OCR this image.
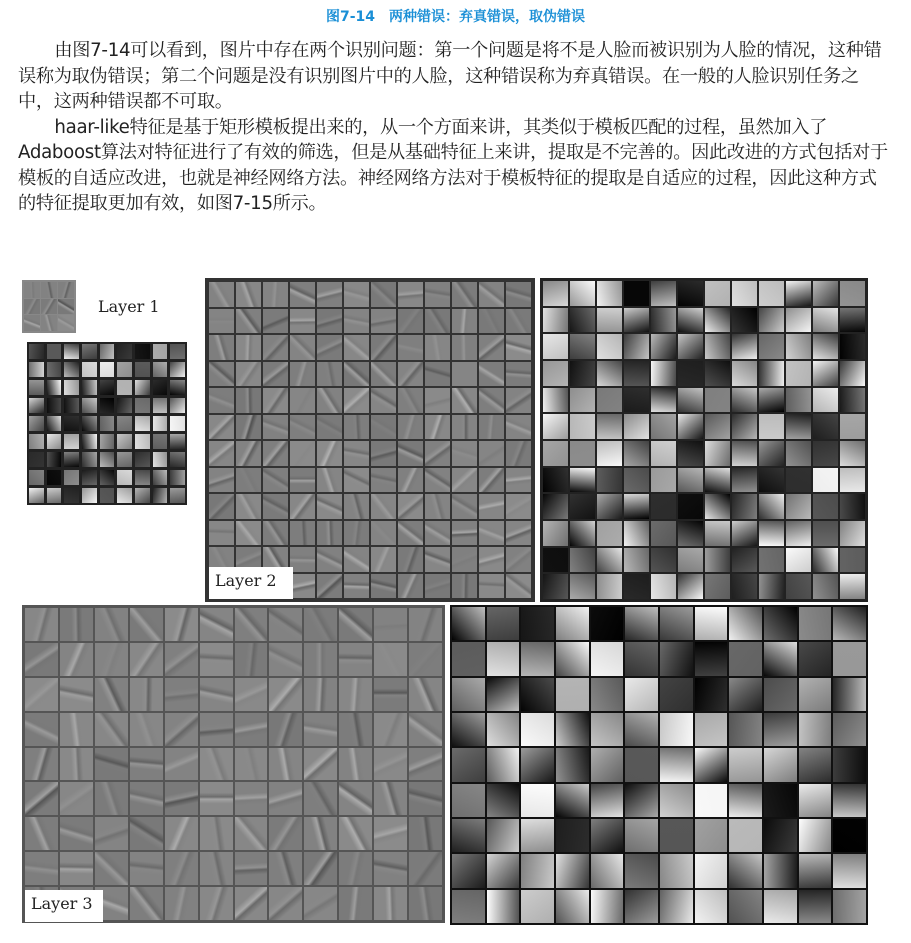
图7-14　两种错误：弃真错误，取伪错误

由图7-14可以看到，图片中存在两个识别问题：第一个问题是将不是人脸而被识别为人脸的情况，这种错误称为取伪错误；第二个问题是没有识别图片中的人脸，这种错误称为弃真错误。在一般的人脸识别任务之中，这两种错误都不可取。

haar-like特征是基于矩形模板提出来的，从一个方面来讲，其类似于模板匹配的过程，虽然加入了Adaboost算法对特征进行了有效的筛选，但是从基础特征上来讲，提取是不完善的。因此改进的方式包括对于模板的自适应改进，也就是神经网络方法。神经网络方法对于模板特征的提取是自适应的过程，因此这种方式的特征提取更加有效，如图7-15所示。

Layer 1
Layer 2
Layer 3
